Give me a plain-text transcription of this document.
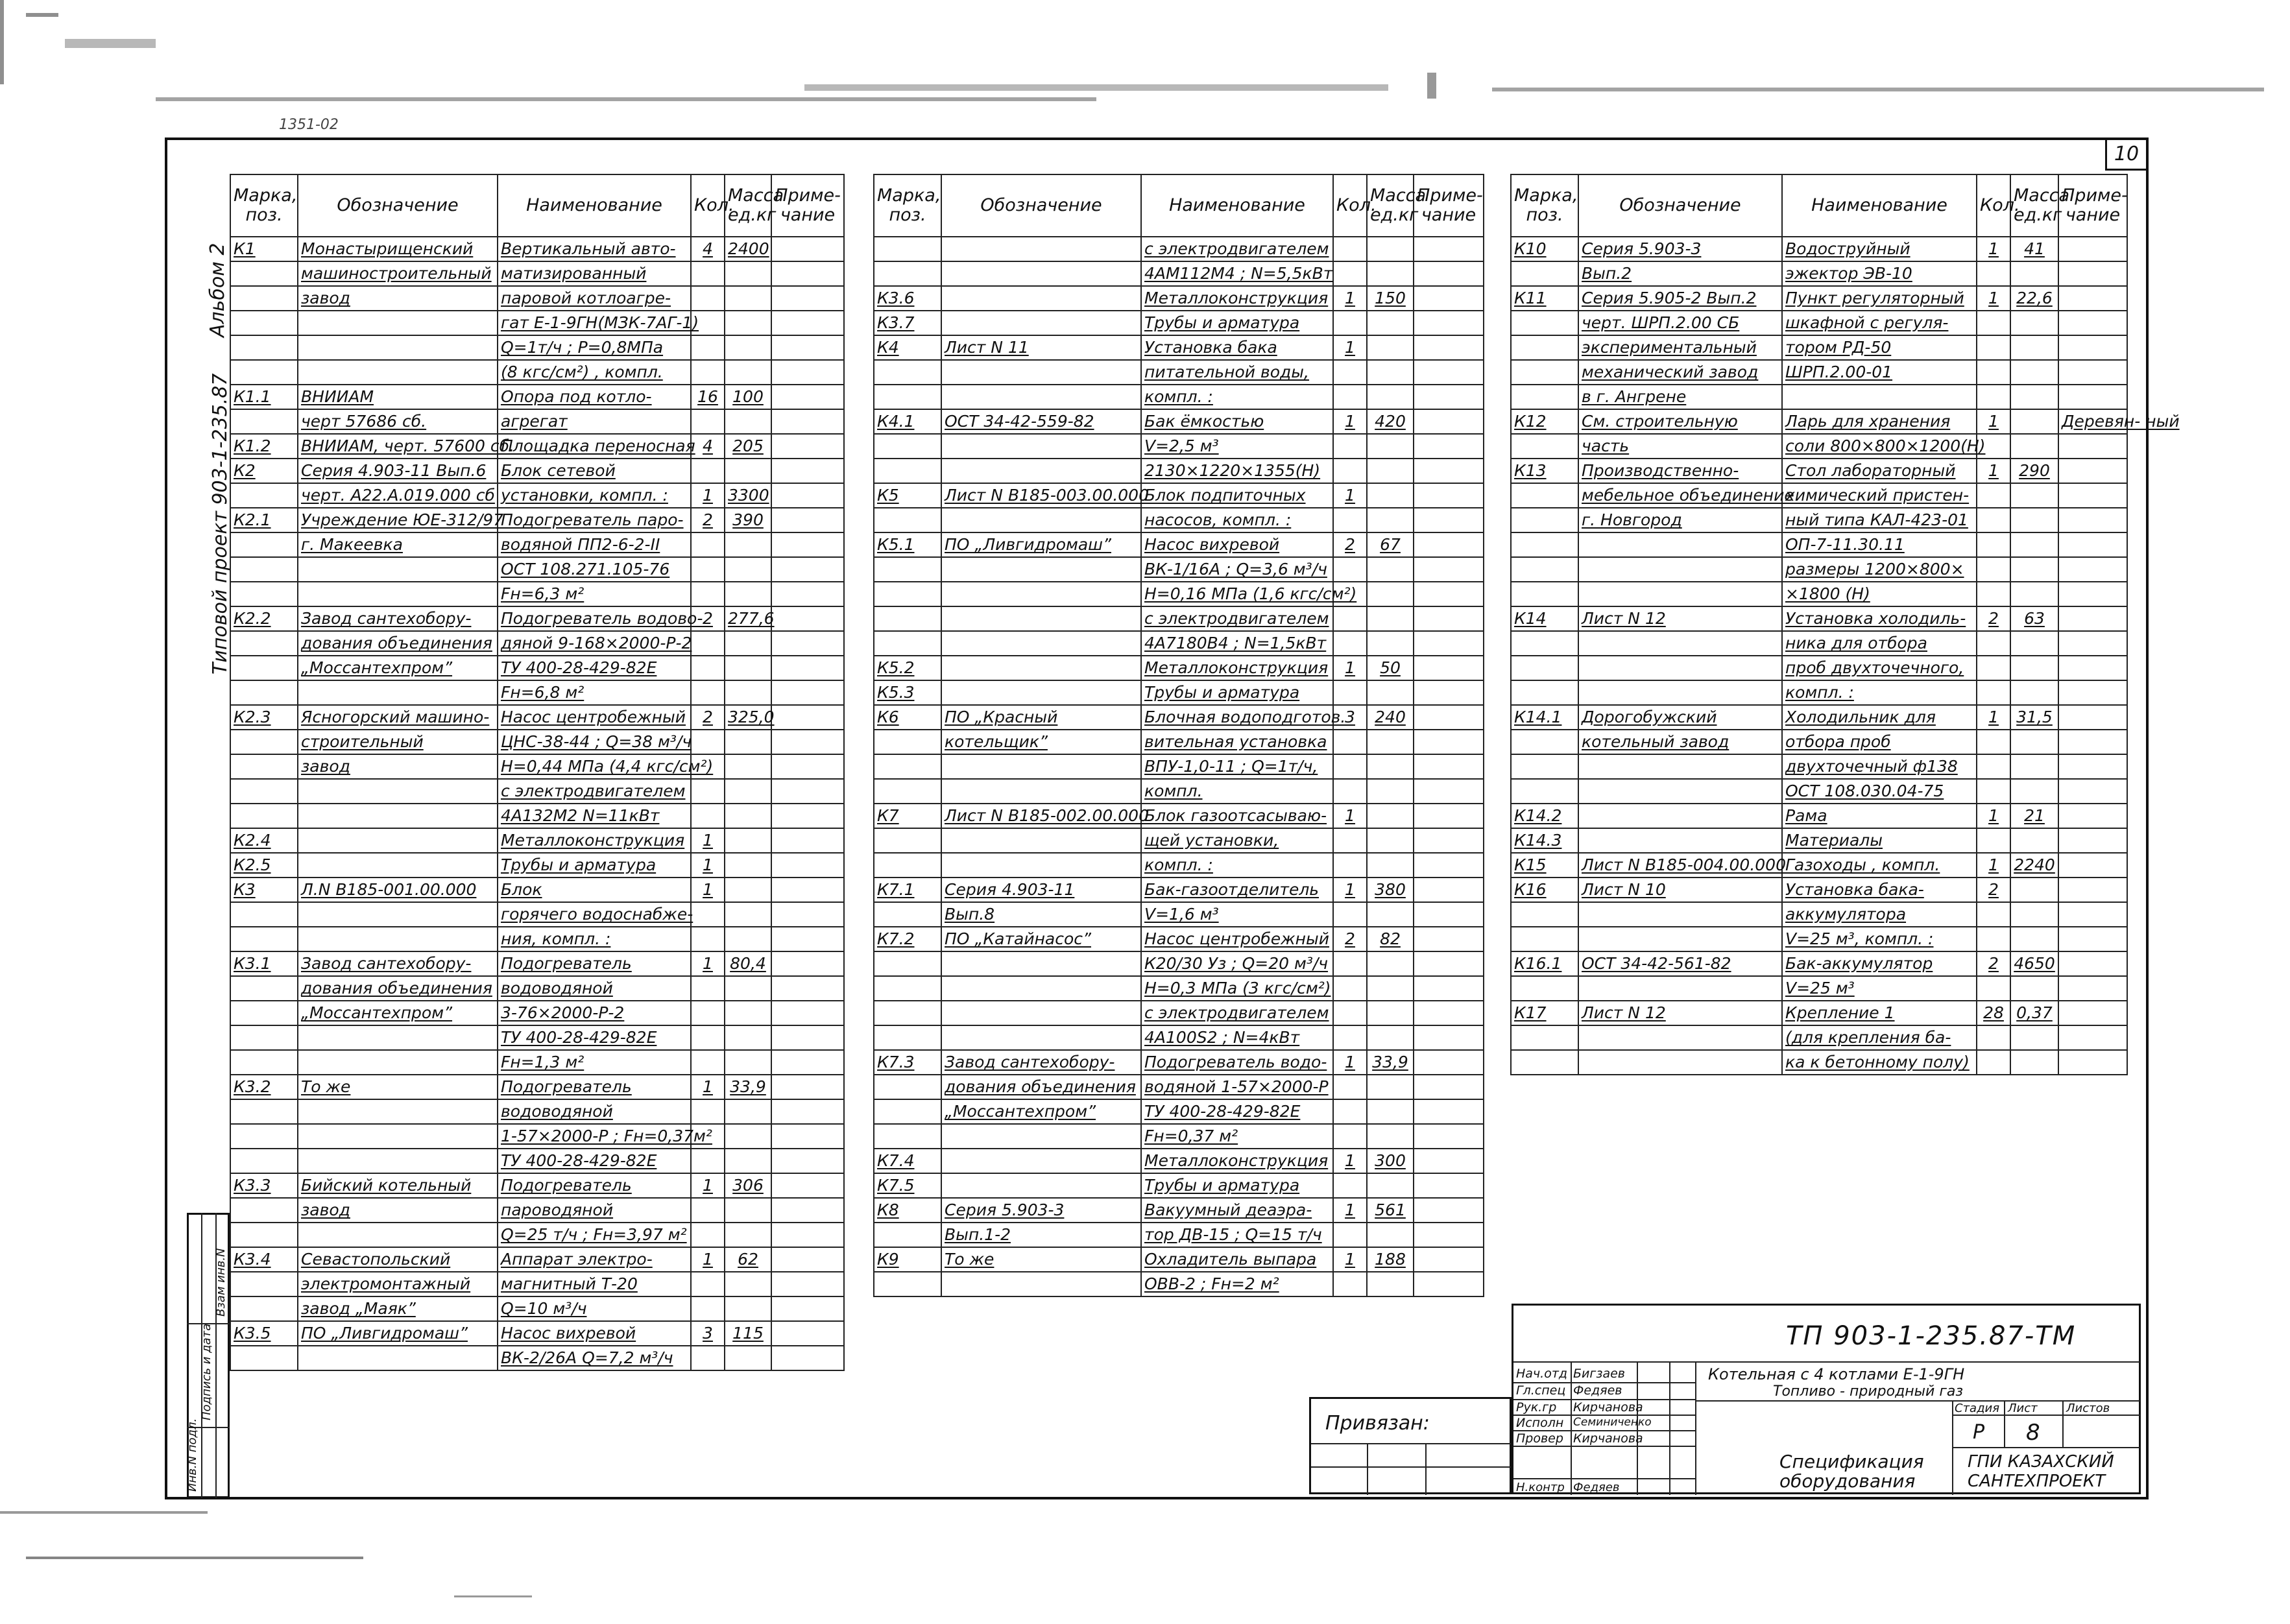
1351-02
10
Альбом 2
Типовой проект 903-1-235.87
Инв.N подл.
Подпись и дата
Взам инв.N
Марка, поз.	Обозначение	Наименование	Кол.	Масса ед.кг	Приме- чание
К1	Монастырищенский	Вертикальный авто-	4	2400	
	машиностроительный	матизированный			
	завод	паровой котлоагре-			
		гат Е-1-9ГН(МЗК-7АГ-1)			
		Q=1т/ч ; Р=0,8МПа			
		(8 кгс/см²) , компл.			
К1.1	ВНИИАМ	Опора под котло-	16	100	
	черт 57686 сб.	агрегат			
К1.2	ВНИИАМ, черт. 57600 сб.	Площадка переносная	4	205	
К2	Серия 4.903-11 Вып.6	Блок сетевой			
	черт. А22.А.019.000 сб	установки, компл. :	1	3300	
К2.1	Учреждение ЮЕ-312/97	Подогреватель паро-	2	390	
	г. Макеевка	водяной ПП2-6-2-II			
		ОСТ 108.271.105-76			
		Fн=6,3 м²			
К2.2	Завод сантехобору-	Подогреватель водово-	2	277,6	
	дования объединения	дяной 9-168×2000-Р-2			
	„Моссантехпром”	ТУ 400-28-429-82Е			
		Fн=6,8 м²			
К2.3	Ясногорский машино-	Насос центробежный	2	325,0	
	строительный	ЦНС-38-44 ; Q=38 м³/ч			
	завод	Н=0,44 МПа (4,4 кгс/см²)			
		с электродвигателем			
		4А132М2 N=11кВт			
К2.4		Металлоконструкция	1		
К2.5		Трубы и арматура	1		
К3	Л.N В185-001.00.000	Блок	1		
		горячего водоснабже-			
		ния, компл. :			
К3.1	Завод сантехобору-	Подогреватель	1	80,4	
	дования объединения	водоводяной			
	„Моссантехпром”	3-76×2000-Р-2			
		ТУ 400-28-429-82Е			
		Fн=1,3 м²			
К3.2	То же	Подогреватель	1	33,9	
		водоводяной			
		1-57×2000-Р ; Fн=0,37м²			
		ТУ 400-28-429-82Е			
К3.3	Бийский котельный	Подогреватель	1	306	
	завод	пароводяной			
		Q=25 т/ч ; Fн=3,97 м²			
К3.4	Севастопольский	Аппарат электро-	1	62	
	электромонтажный	магнитный Т-20			
	завод „Маяк”	Q=10 м³/ч			
К3.5	ПО „Ливгидромаш”	Насос вихревой	3	115	
		ВК-2/26А Q=7,2 м³/ч			
Марка, поз.	Обозначение	Наименование	Кол.	Масса ед.кг	Приме- чание
		с электродвигателем			
		4АМ112М4 ; N=5,5кВт			
К3.6		Металлоконструкция	1	150	
К3.7		Трубы и арматура			
К4	Лист N 11	Установка бака	1		
		питательной воды,			
		компл. :			
К4.1	ОСТ 34-42-559-82	Бак ёмкостью	1	420	
		V=2,5 м³			
		2130×1220×1355(Н)			
К5	Лист N В185-003.00.000	Блок подпиточных	1		
		насосов, компл. :			
К5.1	ПО „Ливгидромаш”	Насос вихревой	2	67	
		ВК-1/16А ; Q=3,6 м³/ч			
		Н=0,16 МПа (1,6 кгс/см²)			
		с электродвигателем			
		4А7180В4 ; N=1,5кВт			
К5.2		Металлоконструкция	1	50	
К5.3		Трубы и арматура			
К6	ПО „Красный	Блочная водоподготов.	3	240	
	котельщик”	вительная установка			
		ВПУ-1,0-11 ; Q=1т/ч,			
		компл.			
К7	Лист N В185-002.00.000	Блок газоотсасываю-	1		
		щей установки,			
		компл. :			
К7.1	Серия 4.903-11	Бак-газоотделитель	1	380	
	Вып.8	V=1,6 м³			
К7.2	ПО „Катайнасос”	Насос центробежный	2	82	
		К20/30 Уз ; Q=20 м³/ч			
		Н=0,3 МПа (3 кгс/см²)			
		с электродвигателем			
		4А100S2 ; N=4кВт			
К7.3	Завод сантехобору-	Подогреватель водо-	1	33,9	
	дования объединения	водяной 1-57×2000-Р			
	„Моссантехпром”	ТУ 400-28-429-82Е			
		Fн=0,37 м²			
К7.4		Металлоконструкция	1	300	
К7.5		Трубы и арматура			
К8	Серия 5.903-3	Вакуумный деаэра-	1	561	
	Вып.1-2	тор ДВ-15 ; Q=15 т/ч			
К9	То же	Охладитель выпара	1	188	
		ОВВ-2 ; Fн=2 м²			
Марка, поз.	Обозначение	Наименование	Кол.	Масса ед.кг	Приме- чание
К10	Серия 5.903-3	Водоструйный	1	41	
	Вып.2	эжектор ЭВ-10			
К11	Серия 5.905-2 Вып.2	Пункт регуляторный	1	22,6	
	черт. ШРП.2.00 СБ	шкафной с регуля-			
	экспериментальный	тором РД-50			
	механический завод	ШРП.2.00-01			
	в г. Ангрене				
К12	См. строительную	Ларь для хранения	1		Деревян- ный
	часть	соли 800×800×1200(Н)			
К13	Производственно-	Стол лабораторный	1	290	
	мебельное объединение	химический пристен-			
	г. Новгород	ный типа КАЛ-423-01			
		ОП-7-11.30.11			
		размеры 1200×800×			
		×1800 (Н)			
К14	Лист N 12	Установка холодиль-	2	63	
		ника для отбора			
		проб двухточечного,			
		компл. :			
К14.1	Дорогобужский	Холодильник для	1	31,5	
	котельный завод	отбора проб			
		двухточечный ф138			
		ОСТ 108.030.04-75			
К14.2		Рама	1	21	
К14.3		Материалы			
К15	Лист N В185-004.00.000	Газоходы , компл.	1	2240	
К16	Лист N 10	Установка бака-	2		
		аккумулятора			
		V=25 м³, компл. :			
К16.1	ОСТ 34-42-561-82	Бак-аккумулятор	2	4650	
		V=25 м³			
К17	Лист N 12	Крепление 1	28	0,37	
		(для крепления ба-			
		ка к бетонному полу)			
Привязан:
ТП 903-1-235.87-ТМ
Нач.отд
Гл.спец
Рук.гр
Исполн
Провер
Бигзаев
Федяев
Кирчанова
Семиниченко
Кирчанова
Н.контр Федяев
Котельная с 4 котлами Е-1-9ГН
Топливо - природный газ
Стадия Лист Листов
Р 8
Спецификация
оборудования
ГПИ КАЗАХСКИЙ
САНТЕХПРОЕКТ
